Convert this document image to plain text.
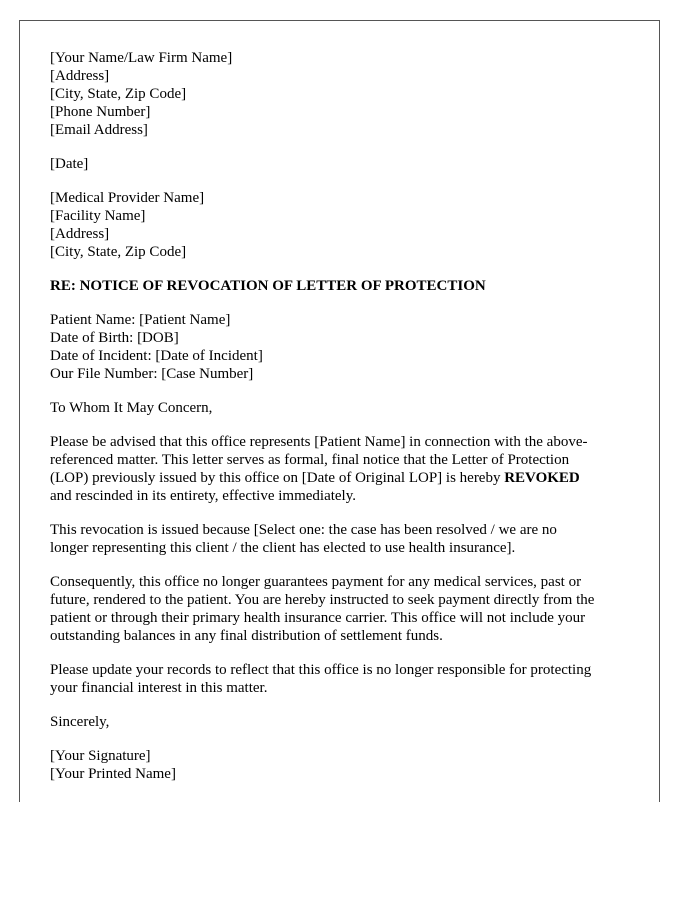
[Your Name/Law Firm Name]
[Address]
[City, State, Zip Code]
[Phone Number]
[Email Address]
[Date]
[Medical Provider Name]
[Facility Name]
[Address]
[City, State, Zip Code]
RE: NOTICE OF REVOCATION OF LETTER OF PROTECTION
Patient Name: [Patient Name]
Date of Birth: [DOB]
Date of Incident: [Date of Incident]
Our File Number: [Case Number]
To Whom It May Concern,
Please be advised that this office represents [Patient Name] in connection with the above-
referenced matter. This letter serves as formal, final notice that the Letter of Protection
(LOP) previously issued by this office on [Date of Original LOP] is hereby REVOKED
and rescinded in its entirety, effective immediately.
This revocation is issued because [Select one: the case has been resolved / we are no
longer representing this client / the client has elected to use health insurance].
Consequently, this office no longer guarantees payment for any medical services, past or
future, rendered to the patient. You are hereby instructed to seek payment directly from the
patient or through their primary health insurance carrier. This office will not include your
outstanding balances in any final distribution of settlement funds.
Please update your records to reflect that this office is no longer responsible for protecting
your financial interest in this matter.
Sincerely,
[Your Signature]
[Your Printed Name]
